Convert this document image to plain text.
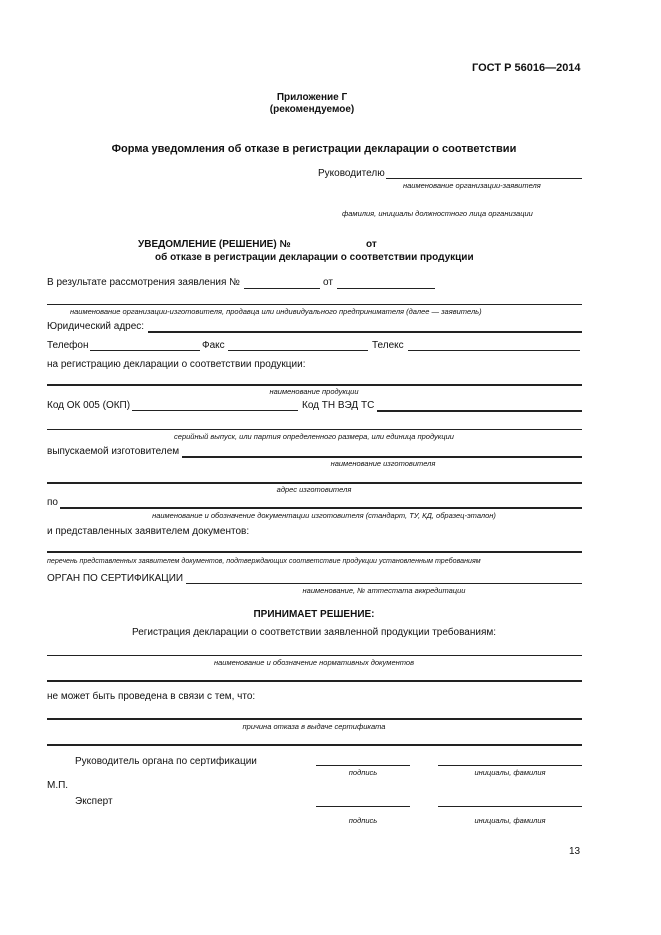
ГОСТ Р 56016—2014
Приложение Г
(рекомендуемое)
Форма уведомления об отказе в регистрации декларации о соответствии
Руководителю
наименование организации-заявителя
фамилия, инициалы должностного лица организации
УВЕДОМЛЕНИЕ (РЕШЕНИЕ) №	от
об отказе в регистрации декларации о соответствии продукции
В результате рассмотрения заявления №	от
наименование организации-изготовителя, продавца или индивидуального предпринимателя (далее — заявитель)
Юридический адрес:
Телефон	Факс	Телекс
на регистрацию декларации о соответствии продукции:
наименование продукции
Код ОК 005 (ОКП)	Код ТН ВЭД ТС
серийный выпуск, или партия определенного размера, или единица продукции
выпускаемой изготовителем
наименование изготовителя
адрес изготовителя
по
наименование и обозначение документации изготовителя (стандарт, ТУ, КД, образец-эталон)
и представленных заявителем документов:
перечень представленных заявителем документов, подтверждающих соответствие продукции установленным требованиям
ОРГАН ПО СЕРТИФИКАЦИИ
наименование, № аттестата аккредитации
ПРИНИМАЕТ РЕШЕНИЕ:
Регистрация декларации о соответствии заявленной продукции требованиям:
наименование и обозначение нормативных документов
не может быть проведена в связи с тем, что:
причина отказа в выдаче сертификата
Руководитель органа по сертификации
подпись	инициалы, фамилия
М.П.
Эксперт
подпись	инициалы, фамилия
13
